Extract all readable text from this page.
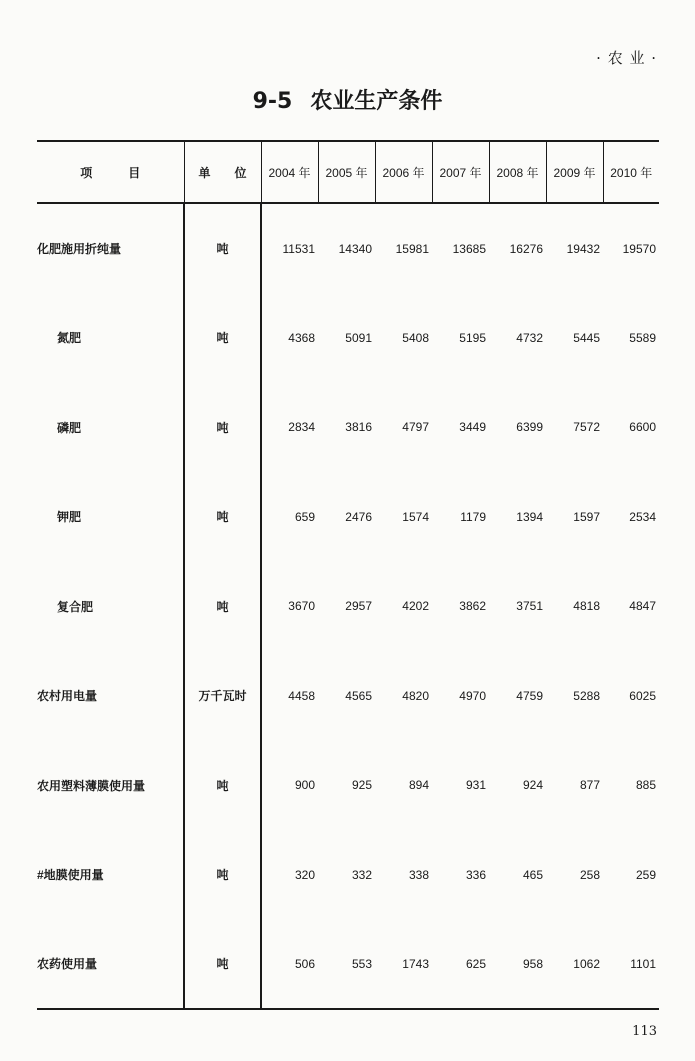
· 农 业 ·
9-5 农业生产条件
项　　　目	单　　位	2004 年	2005 年	2006 年	2007 年	2008 年	2009 年	2010 年
化肥施用折纯量	吨	11531	14340	15981	13685	16276	19432	19570
氮肥	吨	4368	5091	5408	5195	4732	5445	5589
磷肥	吨	2834	3816	4797	3449	6399	7572	6600
钾肥	吨	659	2476	1574	1179	1394	1597	2534
复合肥	吨	3670	2957	4202	3862	3751	4818	4847
农村用电量	万千瓦时	4458	4565	4820	4970	4759	5288	6025
农用塑料薄膜使用量	吨	900	925	894	931	924	877	885
#地膜使用量	吨	320	332	338	336	465	258	259
农药使用量	吨	506	553	1743	625	958	1062	1101
113
